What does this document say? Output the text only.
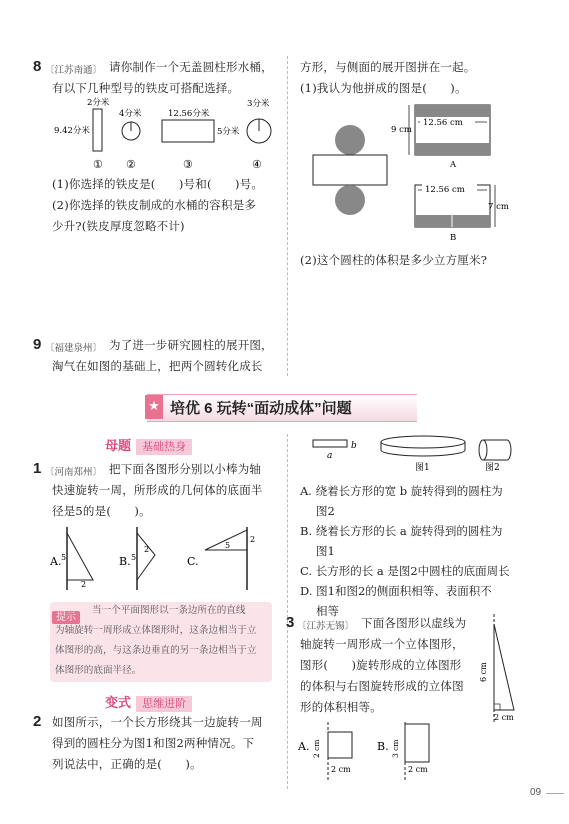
8 〔江苏南通〕 请你制作一个无盖圆柱形水桶，
有以下几种型号的铁皮可搭配选择。
2分米
9.42分米
4分米	12.56分米
5分米
3分米
① ②	③	④
(1)你选择的铁皮是(　　)号和(　　)号。
(2)你选择的铁皮制成的水桶的容积是多
少升?(铁皮厚度忽略不计)
9 〔福建泉州〕 为了进一步研究圆柱的展开图，
淘气在如图的基础上，把两个圆转化成长
方形，与侧面的展开图拼在一起。
(1)我认为他拼成的图是(　　)。
12.56 cm
9 cm
A
12.56 cm
7 cm
B
(2)这个圆柱的体积是多少立方厘米?
★ 培优 6 玩转“面动成体”问题
母题 基础热身
1 〔河南郑州〕 把下面各图形分别以小棒为轴
快速旋转一周，所形成的几何体的底面半
径是5的是(　　)。
A. 5
2
B. 5
2
C.
5
2
提示
当一个平面图形以一条边所在的直线
为轴旋转一周形成立体图形时，这条边相当于立
体图形的高，与这条边垂直的另一条边相当于立
体图形的底面半径。
变式 思维进阶
2 如图所示，一个长方形绕其一边旋转一周
得到的圆柱分为图1和图2两种情况。下
列说法中，正确的是(　　)。
b
a
图1	图2
A. 绕着长方形的宽 b 旋转得到的圆柱为
图2
B. 绕着长方形的长 a 旋转得到的圆柱为
图1
C. 长方形的长 a 是图2中圆柱的底面周长
D. 图1和图2的侧面积相等、表面积不
相等
3 〔江苏无锡〕 下面各图形以虚线为
轴旋转一周形成一个立体图形，
图形(　　)旋转形成的立体图形
的体积与右图旋转形成的立体图
形的体积相等。
6 cm
2 cm
A. 2 cm
2 cm
B. 3 cm
2 cm
09
